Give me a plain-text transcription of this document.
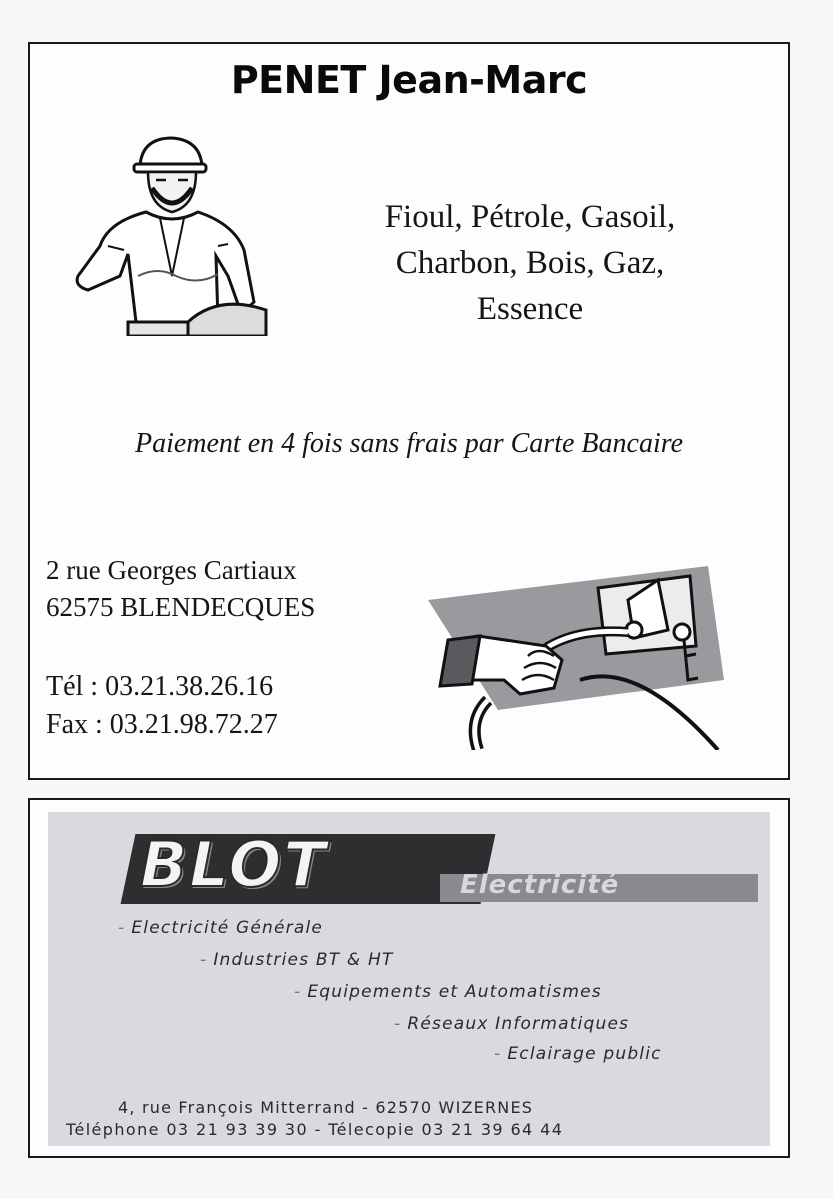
PENET Jean-Marc
Fioul, Pétrole, Gasoil,
Charbon, Bois, Gaz,
Essence
Paiement en 4 fois sans frais par Carte Bancaire
2 rue Georges Cartiaux
62575 BLENDECQUES
Tél : 03.21.38.26.16
Fax : 03.21.98.72.27
BLOT	Electricité
- Electricité Générale
- Industries BT & HT
- Equipements et Automatismes
- Réseaux Informatiques
- Eclairage public
4, rue François Mitterrand - 62570 WIZERNES
Téléphone 03 21 93 39 30 - Télecopie 03 21 39 64 44
